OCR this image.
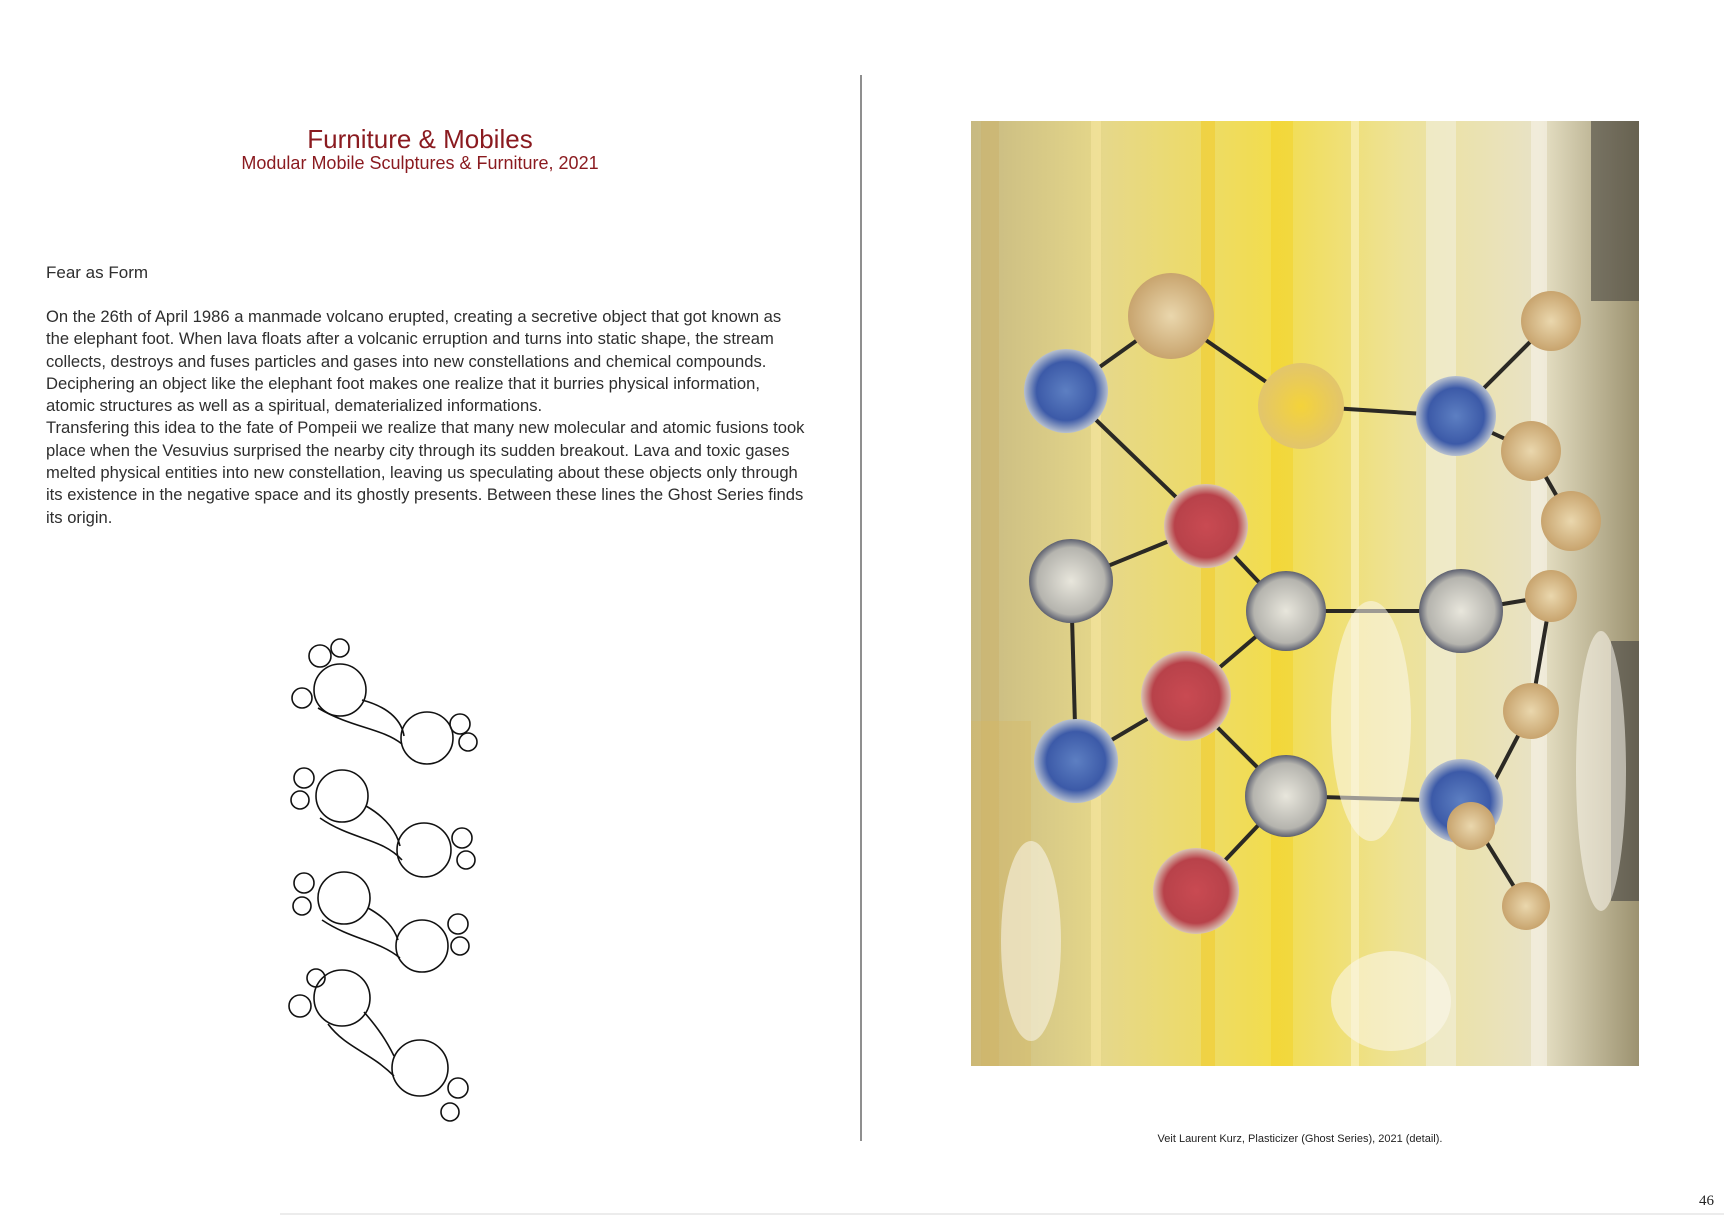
Furniture & Mobiles
Modular Mobile Sculptures & Furniture, 2021
Fear as Form

On the 26th of April 1986 a manmade volcano erupted, creating a secretive object that got known as the elephant foot. When lava floats after a volcanic erruption and turns into static shape, the stream collects, destroys and fuses particles and gases into new constellations and chemical compounds. Deciphering an object like the elephant foot makes one realize that it burries physical information, atomic structures as well as a spiritual, dematerialized informations.

Transfering this idea to the fate of Pompeii we realize that many new molecular and atomic fusions took place when the Vesuvius surprised the nearby city through its sudden breakout. Lava and toxic gases melted physical entities into new constellation, leaving us speculating about these objects only through its existence in the negative space and its ghostly presents. Between these lines the Ghost Series finds its origin.

Veit Laurent Kurz, Plasticizer (Ghost Series), 2021 (detail).
46
